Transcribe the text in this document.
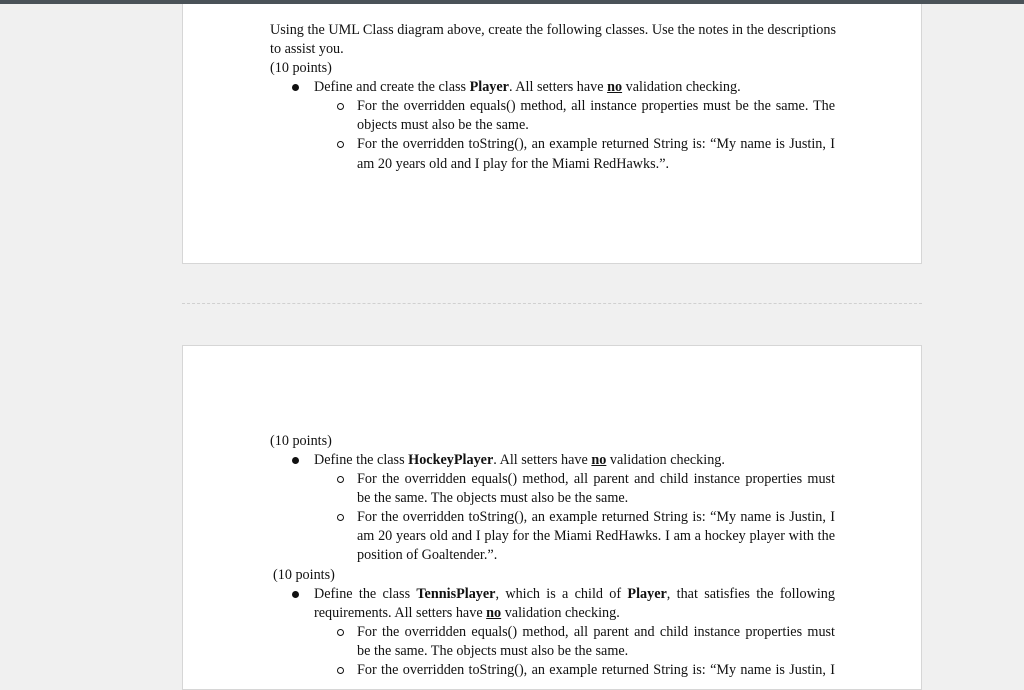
Using the UML Class diagram above, create the following classes. Use the notes in the descriptions
to assist you.
(10 points)
Define and create the class Player. All setters have no validation checking.
For the overridden equals() method, all instance properties must be the same. The
objects must also be the same.
For the overridden toString(), an example returned String is: “My name is Justin, I
am 20 years old and I play for the Miami RedHawks.”.
(10 points)
Define the class HockeyPlayer. All setters have no validation checking.
For the overridden equals() method, all parent and child instance properties must
be the same. The objects must also be the same.
For the overridden toString(), an example returned String is: “My name is Justin, I
am 20 years old and I play for the Miami RedHawks. I am a hockey player with the
position of Goaltender.”.
(10 points)
Define the class TennisPlayer, which is a child of Player, that satisfies the following
requirements. All setters have no validation checking.
For the overridden equals() method, all parent and child instance properties must
be the same. The objects must also be the same.
For the overridden toString(), an example returned String is: “My name is Justin, I
